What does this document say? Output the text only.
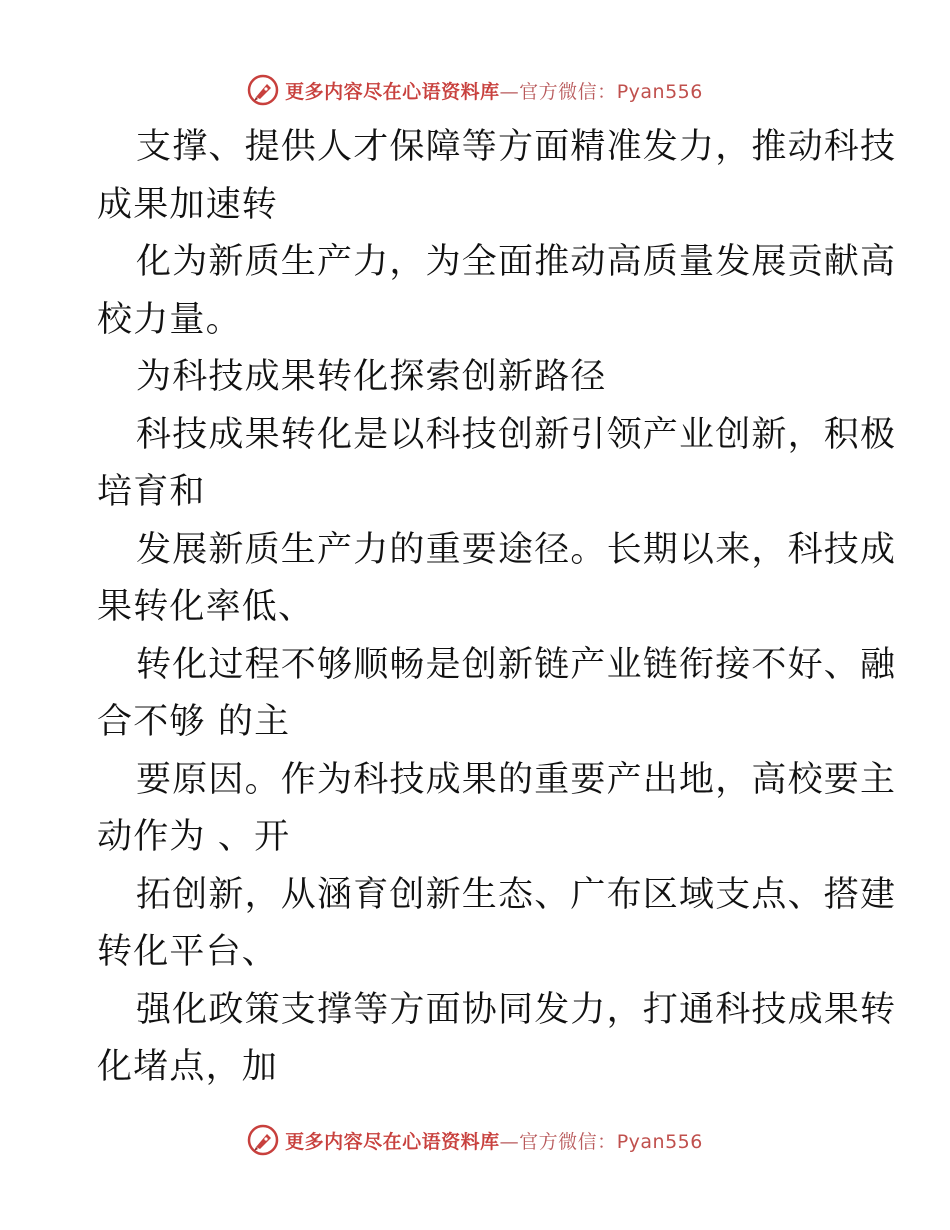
更多内容尽在心语资料库—官方微信：Pyan556
支撑、提供人才保障等方面精准发力，推动科技
成果加速转
化为新质生产力，为全面推动高质量发展贡献高
校力量。
为科技成果转化探索创新路径
科技成果转化是以科技创新引领产业创新，积极
培育和
发展新质生产力的重要途径。长期以来，科技成
果转化率低、
转化过程不够顺畅是创新链产业链衔接不好、融
合不够 的主
要原因。作为科技成果的重要产出地，高校要主
动作为 、开
拓创新，从涵育创新生态、广布区域支点、搭建
转化平台、
强化政策支撑等方面协同发力，打通科技成果转
化堵点，加
更多内容尽在心语资料库—官方微信：Pyan556
